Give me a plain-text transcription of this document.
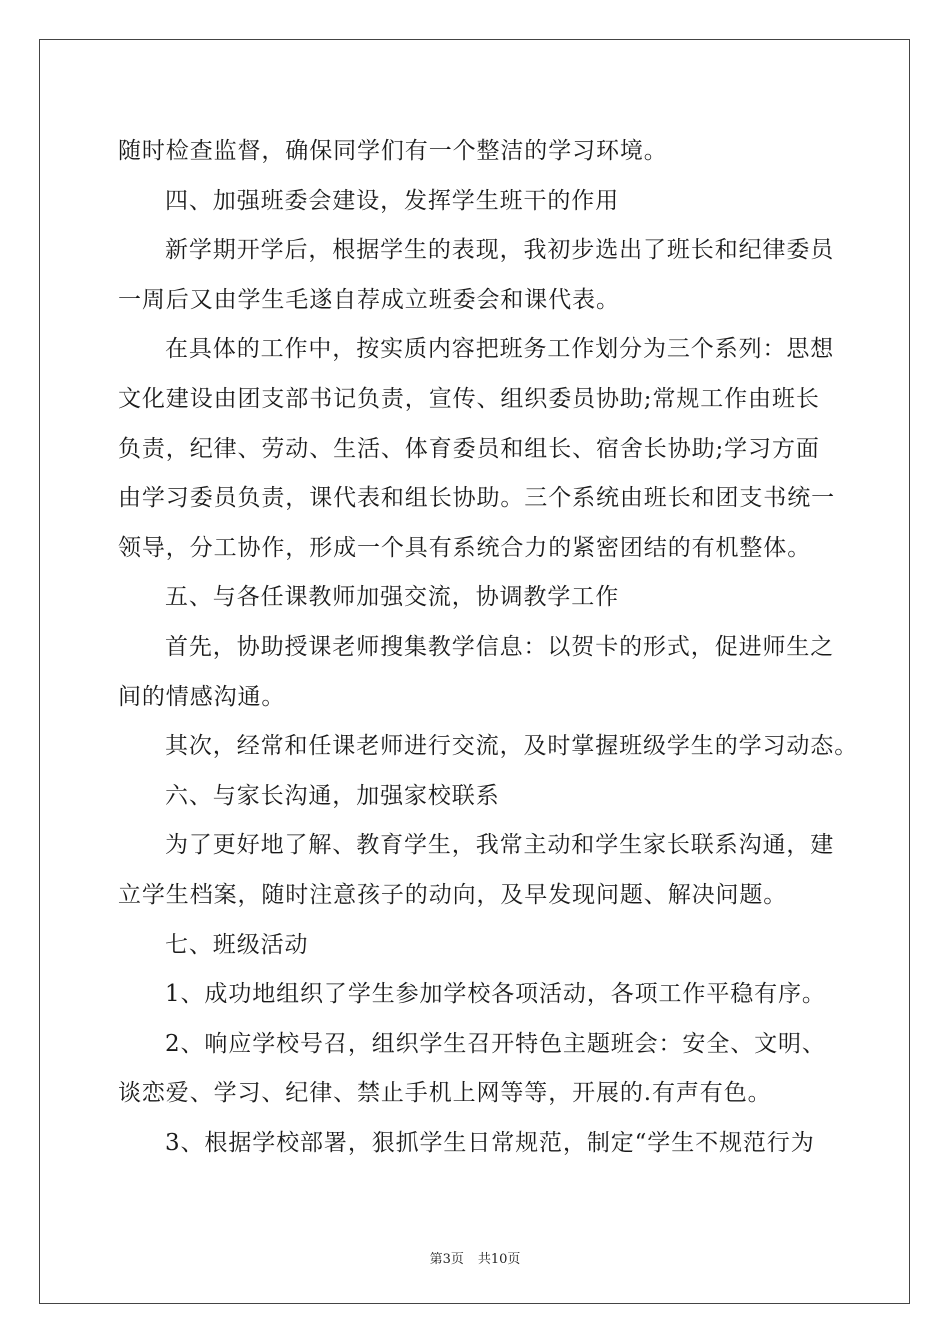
随时检查监督，确保同学们有一个整洁的学习环境。
四、加强班委会建设，发挥学生班干的作用
新学期开学后，根据学生的表现，我初步选出了班长和纪律委员
一周后又由学生毛遂自荐成立班委会和课代表。
在具体的工作中，按实质内容把班务工作划分为三个系列：思想
文化建设由团支部书记负责，宣传、组织委员协助;常规工作由班长
负责，纪律、劳动、生活、体育委员和组长、宿舍长协助;学习方面
由学习委员负责，课代表和组长协助。三个系统由班长和团支书统一
领导，分工协作，形成一个具有系统合力的紧密团结的有机整体。
五、与各任课教师加强交流，协调教学工作
首先，协助授课老师搜集教学信息：以贺卡的形式，促进师生之
间的情感沟通。
其次，经常和任课老师进行交流，及时掌握班级学生的学习动态。
六、与家长沟通，加强家校联系
为了更好地了解、教育学生，我常主动和学生家长联系沟通，建
立学生档案，随时注意孩子的动向，及早发现问题、解决问题。
七、班级活动
1、成功地组织了学生参加学校各项活动，各项工作平稳有序。
2、响应学校号召，组织学生召开特色主题班会：安全、文明、
谈恋爱、学习、纪律、禁止手机上网等等，开展的.有声有色。
3、根据学校部署，狠抓学生日常规范，制定“学生不规范行为
第3页 共10页
